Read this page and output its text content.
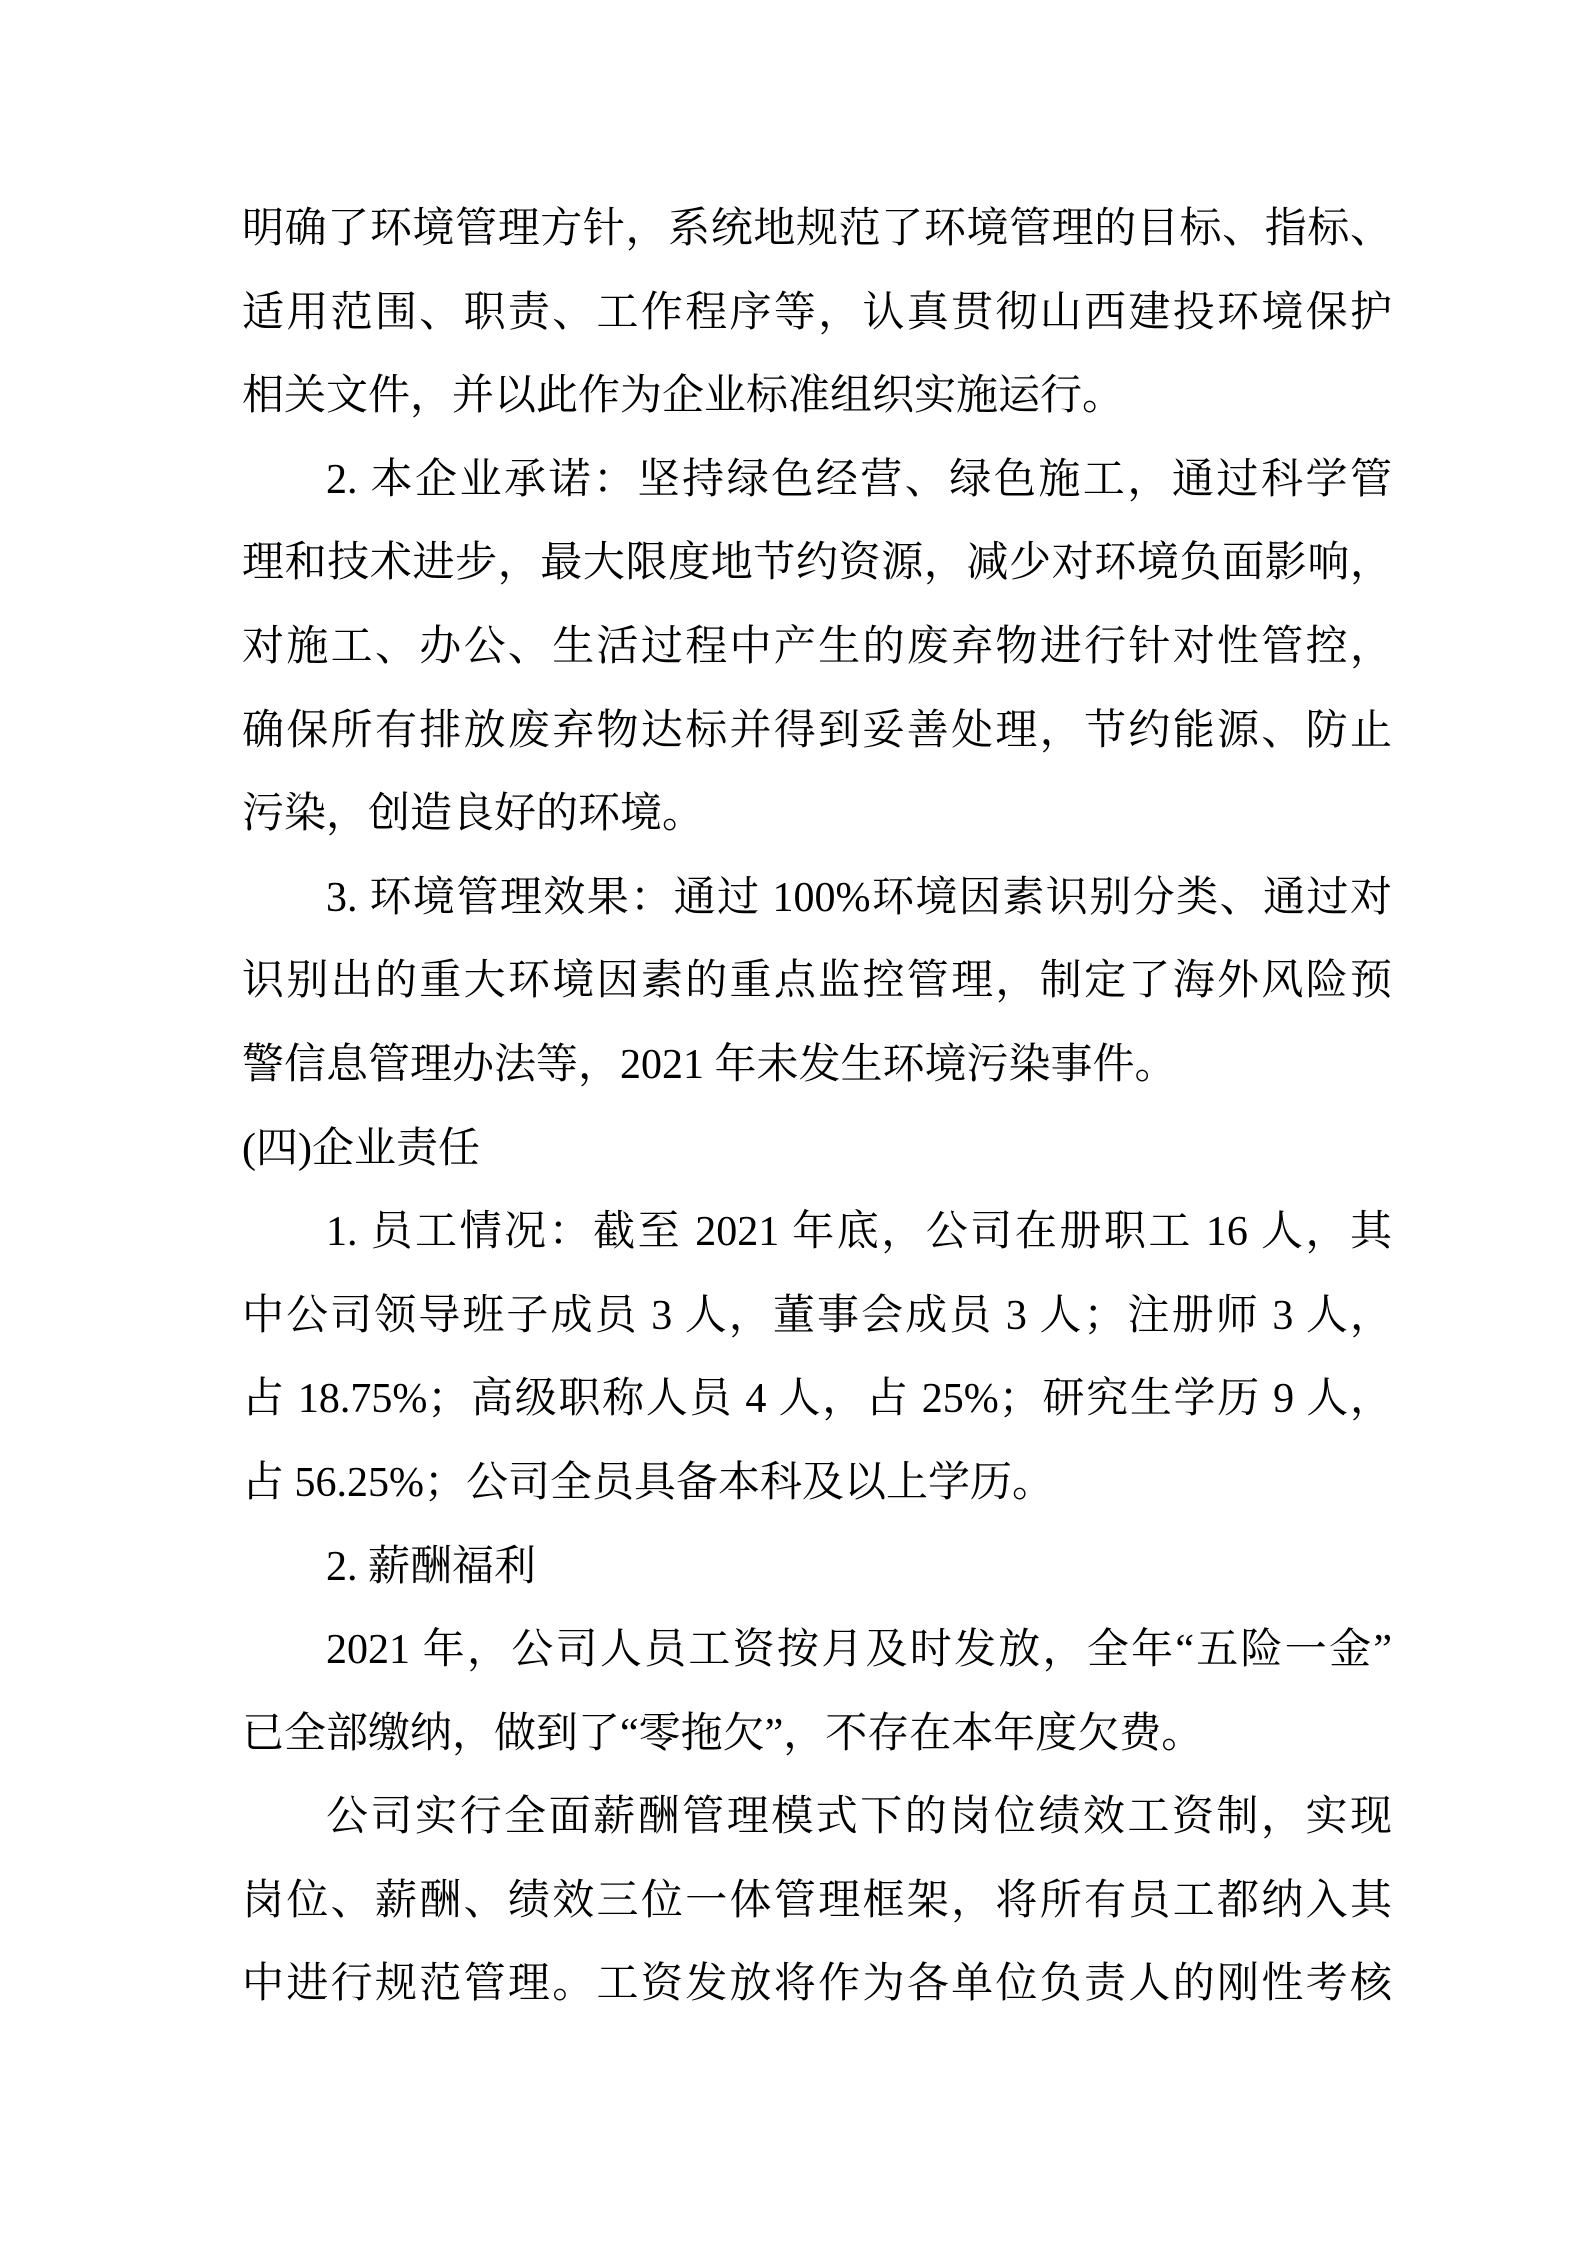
明确了环境管理方针，系统地规范了环境管理的目标、指标、
适用范围、职责、工作程序等，认真贯彻山西建投环境保护
相关文件，并以此作为企业标准组织实施运行。
2. 本企业承诺：坚持绿色经营、绿色施工，通过科学管
理和技术进步，最大限度地节约资源，减少对环境负面影响，
对施工、办公、生活过程中产生的废弃物进行针对性管控，
确保所有排放废弃物达标并得到妥善处理，节约能源、防止
污染，创造良好的环境。
3. 环境管理效果：通过 100%环境因素识别分类、通过对
识别出的重大环境因素的重点监控管理，制定了海外风险预
警信息管理办法等，2021 年未发生环境污染事件。
(四)企业责任
1. 员工情况：截至 2021 年底，公司在册职工 16 人，其
中公司领导班子成员 3 人，董事会成员 3 人；注册师 3 人，
占 18.75%；高级职称人员 4 人，占 25%；研究生学历 9 人，
占 56.25%；公司全员具备本科及以上学历。
2. 薪酬福利
2021 年，公司人员工资按月及时发放，全年“五险一金”
已全部缴纳，做到了“零拖欠”，不存在本年度欠费。
公司实行全面薪酬管理模式下的岗位绩效工资制，实现
岗位、薪酬、绩效三位一体管理框架，将所有员工都纳入其
中进行规范管理。工资发放将作为各单位负责人的刚性考核
